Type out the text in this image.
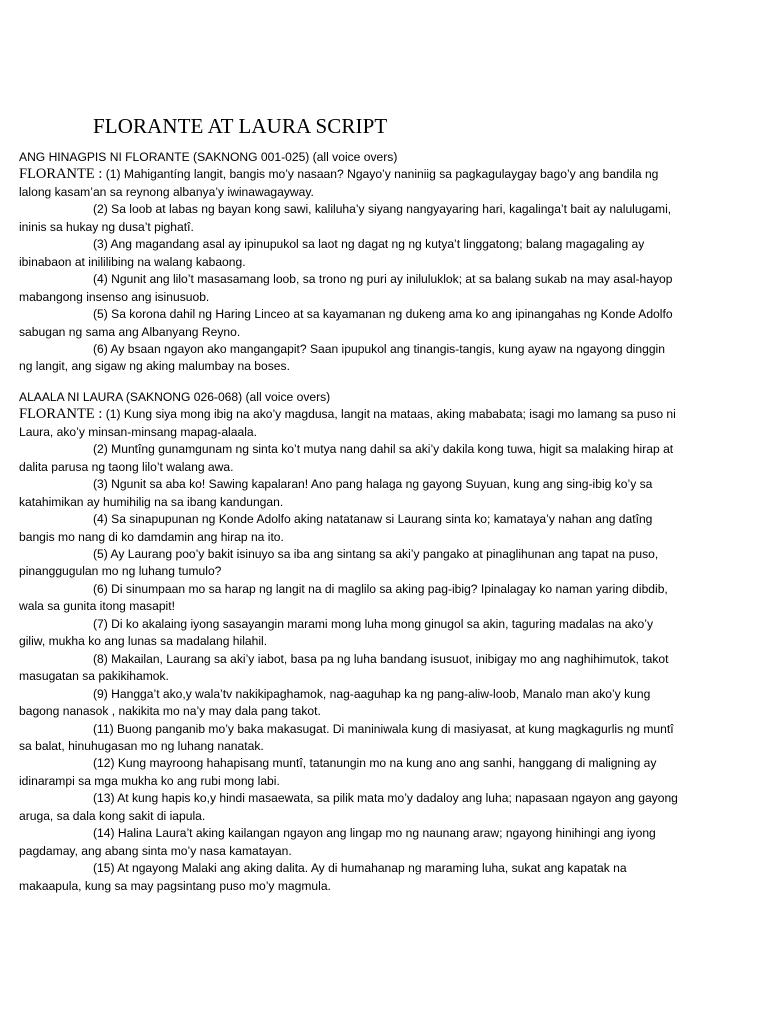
FLORANTE AT LAURA SCRIPT

ANG HINAGPIS NI FLORANTE (SAKNONG 001-025) (all voice overs)

FLORANTE : (1) Mahigantíng langit, bangis mo’y nasaan? Ngayo’y naniniig sa pagkagulaygay bago’y ang bandila ng lalong kasam’an sa reynong albanya’y iwinawagayway.

(2) Sa loob at labas ng bayan kong sawi, kaliluha’y siyang nangyayaring hari, kagalinga’t bait ay nalulugami, ininis sa hukay ng dusa’t pighatî.

(3) Ang magandang asal ay ipinupukol sa laot ng dagat ng ng kutya’t linggatong; balang magagaling ay ibinabaon at inililibing na walang kabaong.

(4) Ngunit ang lilo’t masasamang loob, sa trono ng puri ay iniluluklok; at sa balang sukab na may asal-hayop mabangong insenso ang isinusuob.

(5) Sa korona dahil ng Haring Linceo at sa kayamanan ng dukeng ama ko ang ipinangahas ng Konde Adolfo sabugan ng sama ang Albanyang Reyno.

(6) Ay bsaan ngayon ako mangangapit? Saan ipupukol ang tinangis-tangis, kung ayaw na ngayong dinggin ng langit, ang sigaw ng aking malumbay na boses.

ALAALA NI LAURA (SAKNONG 026-068) (all voice overs)

FLORANTE : (1) Kung siya mong ibig na ako’y magdusa, langit na mataas, aking mababata; isagi mo lamang sa puso ni Laura, ako’y minsan-minsang mapag-alaala.

(2) Muntîng gunamgunam ng sinta ko’t mutya nang dahil sa aki’y dakila kong tuwa, higit sa malaking hirap at dalita parusa ng taong lilo’t walang awa.

(3) Ngunit sa aba ko! Sawing kapalaran! Ano pang halaga ng gayong Suyuan, kung ang sing-ibig ko’y sa katahimikan ay humihilig na sa ibang kandungan.

(4) Sa sinapupunan ng Konde Adolfo aking natatanaw si Laurang sinta ko; kamataya’y nahan ang datîng bangis mo nang di ko damdamin ang hirap na ito.

(5) Ay Laurang poo’y bakit isinuyo sa iba ang sintang sa aki’y pangako at pinaglihunan ang tapat na puso, pinanggugulan mo ng luhang tumulo?

(6) Di sinumpaan mo sa harap ng langit na di maglilo sa aking pag-ibig? Ipinalagay ko naman yaring dibdib, wala sa gunita itong masapit!

(7) Di ko akalaing iyong sasayangin marami mong luha mong ginugol sa akin, taguring madalas na ako’y giliw, mukha ko ang lunas sa madalang hilahil.

(8) Makailan, Laurang sa aki’y iabot, basa pa ng luha bandang isusuot, inibigay mo ang naghihimutok, takot masugatan sa pakikihamok.

(9) Hangga’t ako,y wala’tv nakikipaghamok, nag-aaguhap ka ng pang-aliw-loob, Manalo man ako’y kung bagong nanasok , nakikita mo na’y may dala pang takot.

(11) Buong panganib mo’y baka makasugat. Di maniniwala kung di masiyasat, at kung magkagurlis ng muntî sa balat, hinuhugasan mo ng luhang nanatak.

(12) Kung mayroong hahapisang muntî, tatanungin mo na kung ano ang sanhi, hanggang di maligning ay idinarampi sa mga mukha ko ang rubi mong labi.

(13) At kung hapis ko,y hindi masaewata, sa pilik mata mo’y dadaloy ang luha; napasaan ngayon ang gayong aruga, sa dala kong sakit di iapula.

(14) Halina Laura’t aking kailangan ngayon ang lingap mo ng naunang araw; ngayong hinihingi ang iyong pagdamay, ang abang sinta mo’y nasa kamatayan.

(15) At ngayong Malaki ang aking dalita. Ay di humahanap ng maraming luha, sukat ang kapatak na makaapula, kung sa may pagsintang puso mo’y magmula.
